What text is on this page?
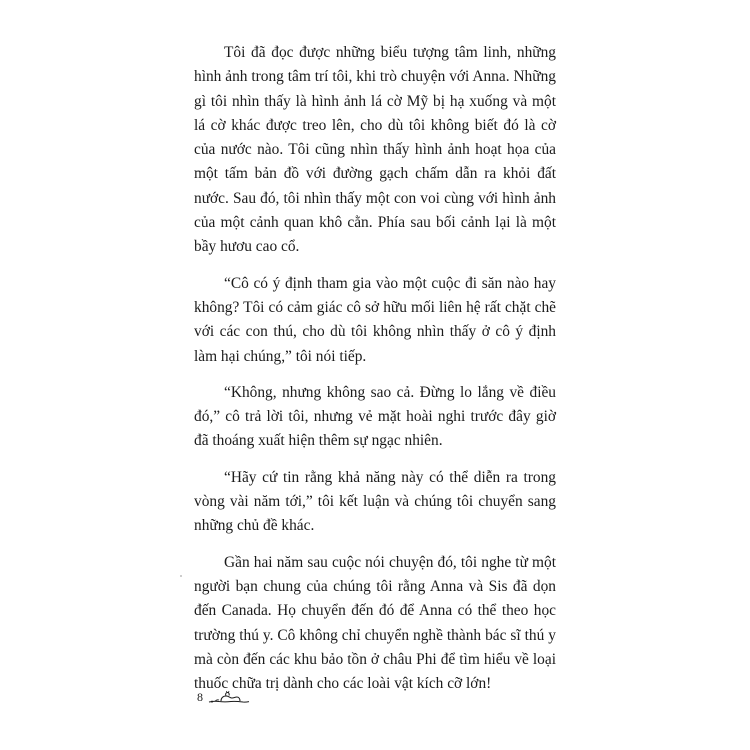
Tôi đã đọc được những biểu tượng tâm linh, những hình ảnh trong tâm trí tôi, khi trò chuyện với Anna. Những gì tôi nhìn thấy là hình ảnh lá cờ Mỹ bị hạ xuống và một lá cờ khác được treo lên, cho dù tôi không biết đó là cờ của nước nào. Tôi cũng nhìn thấy hình ảnh hoạt họa của một tấm bản đồ với đường gạch chấm dẫn ra khỏi đất nước. Sau đó, tôi nhìn thấy một con voi cùng với hình ảnh của một cảnh quan khô cằn. Phía sau bối cảnh lại là một bầy hươu cao cổ.

“Cô có ý định tham gia vào một cuộc đi săn nào hay không? Tôi có cảm giác cô sở hữu mối liên hệ rất chặt chẽ với các con thú, cho dù tôi không nhìn thấy ở cô ý định làm hại chúng,” tôi nói tiếp.

“Không, nhưng không sao cả. Đừng lo lắng về điều đó,” cô trả lời tôi, nhưng vẻ mặt hoài nghi trước đây giờ đã thoáng xuất hiện thêm sự ngạc nhiên.

“Hãy cứ tin rằng khả năng này có thể diễn ra trong vòng vài năm tới,” tôi kết luận và chúng tôi chuyển sang những chủ đề khác.

Gần hai năm sau cuộc nói chuyện đó, tôi nghe từ một người bạn chung của chúng tôi rằng Anna và Sis đã dọn đến Canada. Họ chuyển đến đó để Anna có thể theo học trường thú y. Cô không chỉ chuyển nghề thành bác sĩ thú y mà còn đến các khu bảo tồn ở châu Phi để tìm hiểu về loại thuốc chữa trị dành cho các loài vật kích cỡ lớn!

8
